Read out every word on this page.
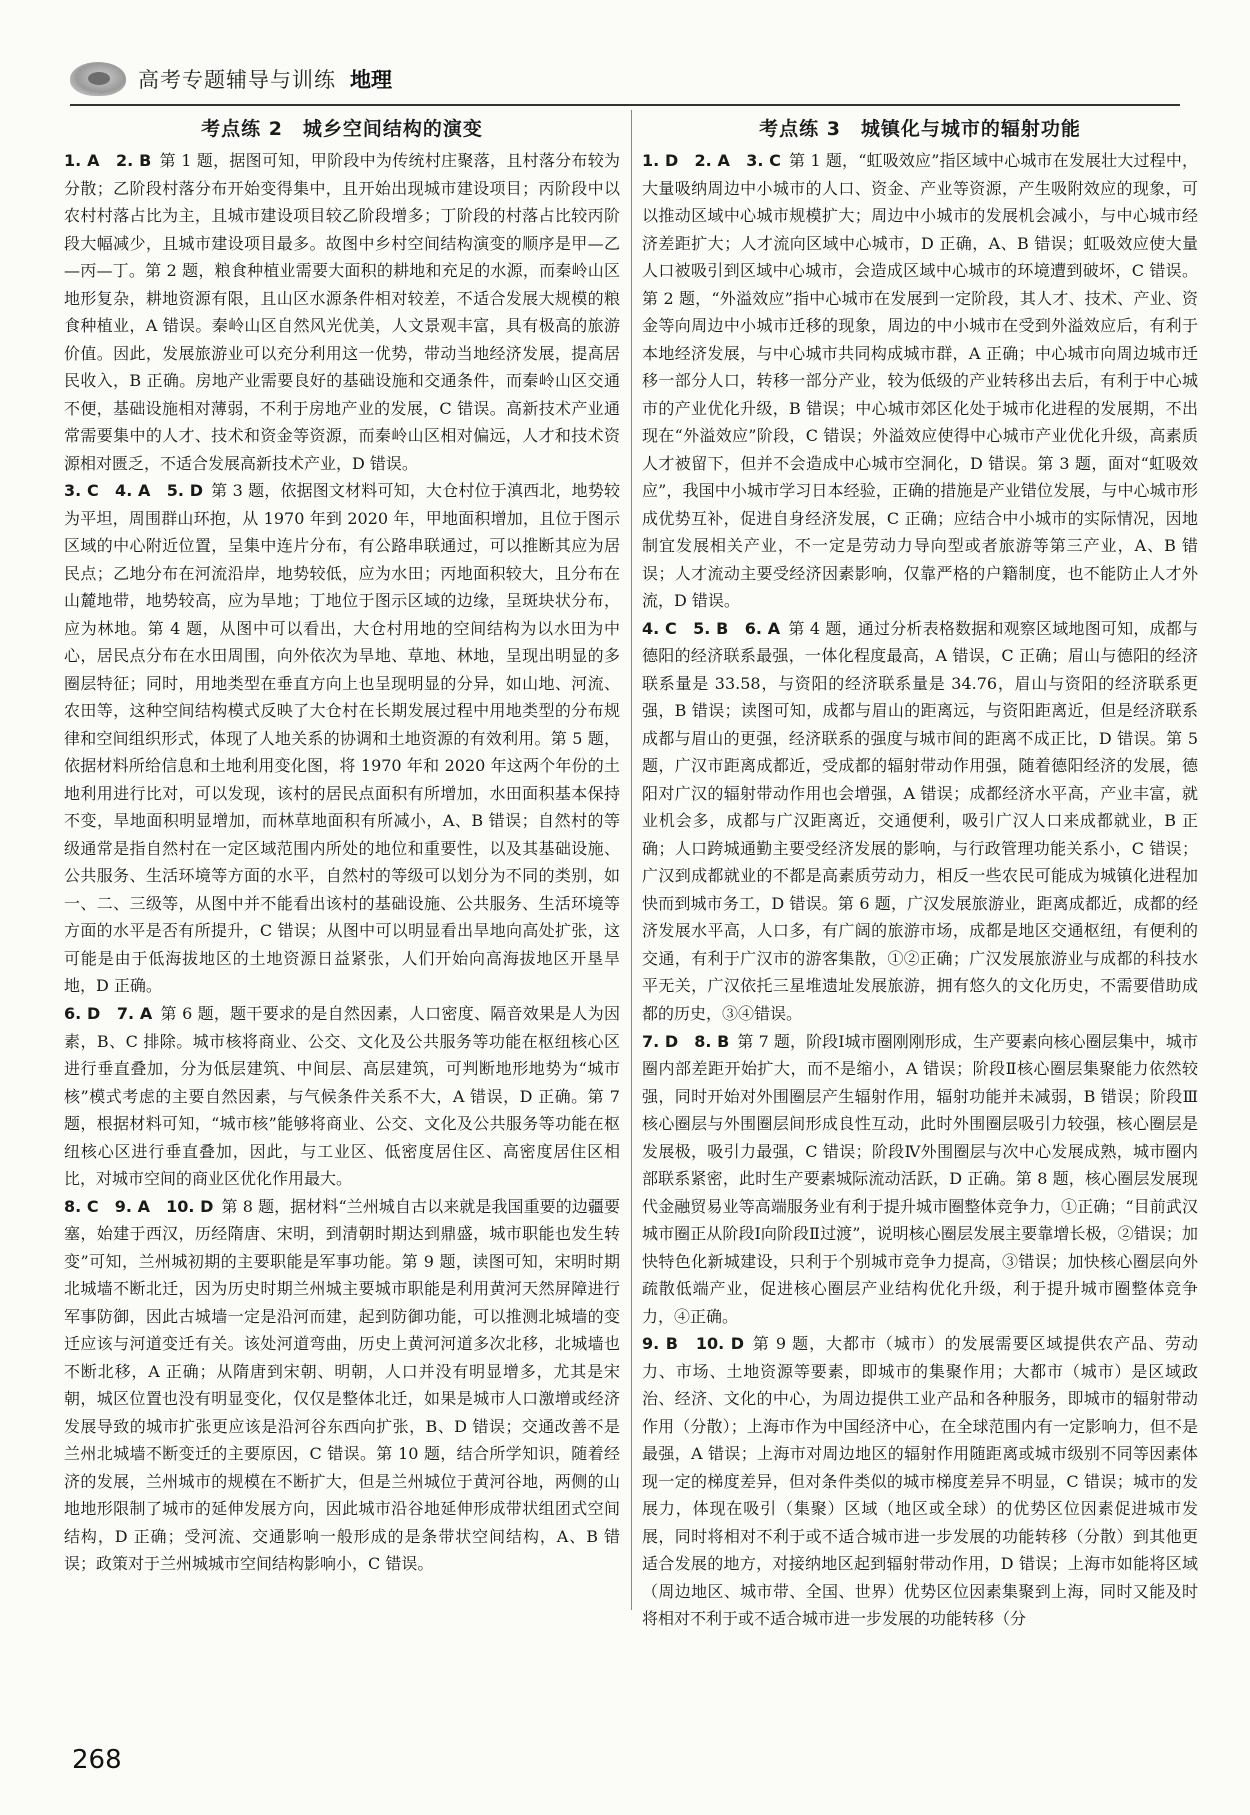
高考专题辅导与训练 地理
考点练 2　城乡空间结构的演变

1. A　2. B 第 1 题，据图可知，甲阶段中为传统村庄聚落，且村落分布较为分散；乙阶段村落分布开始变得集中，且开始出现城市建设项目；丙阶段中以农村村落占比为主，且城市建设项目较乙阶段增多；丁阶段的村落占比较丙阶段大幅减少，且城市建设项目最多。故图中乡村空间结构演变的顺序是甲—乙—丙—丁。第 2 题，粮食种植业需要大面积的耕地和充足的水源，而秦岭山区地形复杂，耕地资源有限，且山区水源条件相对较差，不适合发展大规模的粮食种植业，A 错误。秦岭山区自然风光优美，人文景观丰富，具有极高的旅游价值。因此，发展旅游业可以充分利用这一优势，带动当地经济发展，提高居民收入，B 正确。房地产业需要良好的基础设施和交通条件，而秦岭山区交通不便，基础设施相对薄弱，不利于房地产业的发展，C 错误。高新技术产业通常需要集中的人才、技术和资金等资源，而秦岭山区相对偏远，人才和技术资源相对匮乏，不适合发展高新技术产业，D 错误。

3. C　4. A　5. D 第 3 题，依据图文材料可知，大仓村位于滇西北，地势较为平坦，周围群山环抱，从 1970 年到 2020 年，甲地面积增加，且位于图示区域的中心附近位置，呈集中连片分布，有公路串联通过，可以推断其应为居民点；乙地分布在河流沿岸，地势较低，应为水田；丙地面积较大，且分布在山麓地带，地势较高，应为旱地；丁地位于图示区域的边缘，呈斑块状分布，应为林地。第 4 题，从图中可以看出，大仓村用地的空间结构为以水田为中心，居民点分布在水田周围，向外依次为旱地、草地、林地，呈现出明显的多圈层特征；同时，用地类型在垂直方向上也呈现明显的分异，如山地、河流、农田等，这种空间结构模式反映了大仓村在长期发展过程中用地类型的分布规律和空间组织形式，体现了人地关系的协调和土地资源的有效利用。第 5 题，依据材料所给信息和土地利用变化图，将 1970 年和 2020 年这两个年份的土地利用进行比对，可以发现，该村的居民点面积有所增加，水田面积基本保持不变，旱地面积明显增加，而林草地面积有所减小，A、B 错误；自然村的等级通常是指自然村在一定区域范围内所处的地位和重要性，以及其基础设施、公共服务、生活环境等方面的水平，自然村的等级可以划分为不同的类别，如一、二、三级等，从图中并不能看出该村的基础设施、公共服务、生活环境等方面的水平是否有所提升，C 错误；从图中可以明显看出旱地向高处扩张，这可能是由于低海拔地区的土地资源日益紧张，人们开始向高海拔地区开垦旱地，D 正确。

6. D　7. A 第 6 题，题干要求的是自然因素，人口密度、隔音效果是人为因素，B、C 排除。城市核将商业、公交、文化及公共服务等功能在枢纽核心区进行垂直叠加，分为低层建筑、中间层、高层建筑，可判断地形地势为“城市核”模式考虑的主要自然因素，与气候条件关系不大，A 错误，D 正确。第 7 题，根据材料可知，“城市核”能够将商业、公交、文化及公共服务等功能在枢纽核心区进行垂直叠加，因此，与工业区、低密度居住区、高密度居住区相比，对城市空间的商业区优化作用最大。

8. C　9. A　10. D 第 8 题，据材料“兰州城自古以来就是我国重要的边疆要塞，始建于西汉，历经隋唐、宋明，到清朝时期达到鼎盛，城市职能也发生转变”可知，兰州城初期的主要职能是军事功能。第 9 题，读图可知，宋明时期北城墙不断北迁，因为历史时期兰州城主要城市职能是利用黄河天然屏障进行军事防御，因此古城墙一定是沿河而建，起到防御功能，可以推测北城墙的变迁应该与河道变迁有关。该处河道弯曲，历史上黄河河道多次北移，北城墙也不断北移，A 正确；从隋唐到宋朝、明朝，人口并没有明显增多，尤其是宋朝，城区位置也没有明显变化，仅仅是整体北迁，如果是城市人口激增或经济发展导致的城市扩张更应该是沿河谷东西向扩张，B、D 错误；交通改善不是兰州北城墙不断变迁的主要原因，C 错误。第 10 题，结合所学知识，随着经济的发展，兰州城市的规模在不断扩大，但是兰州城位于黄河谷地，两侧的山地地形限制了城市的延伸发展方向，因此城市沿谷地延伸形成带状组团式空间结构，D 正确；受河流、交通影响一般形成的是条带状空间结构，A、B 错误；政策对于兰州城城市空间结构影响小，C 错误。

考点练 3　城镇化与城市的辐射功能

1. D　2. A　3. C 第 1 题，“虹吸效应”指区域中心城市在发展壮大过程中，大量吸纳周边中小城市的人口、资金、产业等资源，产生吸附效应的现象，可以推动区域中心城市规模扩大；周边中小城市的发展机会减小，与中心城市经济差距扩大；人才流向区域中心城市，D 正确，A、B 错误；虹吸效应使大量人口被吸引到区域中心城市，会造成区域中心城市的环境遭到破坏，C 错误。第 2 题，“外溢效应”指中心城市在发展到一定阶段，其人才、技术、产业、资金等向周边中小城市迁移的现象，周边的中小城市在受到外溢效应后，有利于本地经济发展，与中心城市共同构成城市群，A 正确；中心城市向周边城市迁移一部分人口，转移一部分产业，较为低级的产业转移出去后，有利于中心城市的产业优化升级，B 错误；中心城市郊区化处于城市化进程的发展期，不出现在“外溢效应”阶段，C 错误；外溢效应使得中心城市产业优化升级，高素质人才被留下，但并不会造成中心城市空洞化，D 错误。第 3 题，面对“虹吸效应”，我国中小城市学习日本经验，正确的措施是产业错位发展，与中心城市形成优势互补，促进自身经济发展，C 正确；应结合中小城市的实际情况，因地制宜发展相关产业，不一定是劳动力导向型或者旅游等第三产业，A、B 错误；人才流动主要受经济因素影响，仅靠严格的户籍制度，也不能防止人才外流，D 错误。

4. C　5. B　6. A 第 4 题，通过分析表格数据和观察区域地图可知，成都与德阳的经济联系最强，一体化程度最高，A 错误，C 正确；眉山与德阳的经济联系量是 33.58，与资阳的经济联系量是 34.76，眉山与资阳的经济联系更强，B 错误；读图可知，成都与眉山的距离远，与资阳距离近，但是经济联系成都与眉山的更强，经济联系的强度与城市间的距离不成正比，D 错误。第 5 题，广汉市距离成都近，受成都的辐射带动作用强，随着德阳经济的发展，德阳对广汉的辐射带动作用也会增强，A 错误；成都经济水平高，产业丰富，就业机会多，成都与广汉距离近，交通便利，吸引广汉人口来成都就业，B 正确；人口跨城通勤主要受经济发展的影响，与行政管理功能关系小，C 错误；广汉到成都就业的不都是高素质劳动力，相反一些农民可能成为城镇化进程加快而到城市务工，D 错误。第 6 题，广汉发展旅游业，距离成都近，成都的经济发展水平高，人口多，有广阔的旅游市场，成都是地区交通枢纽，有便利的交通，有利于广汉市的游客集散，①②正确；广汉发展旅游业与成都的科技水平无关，广汉依托三星堆遗址发展旅游，拥有悠久的文化历史，不需要借助成都的历史，③④错误。

7. D　8. B 第 7 题，阶段Ⅰ城市圈刚刚形成，生产要素向核心圈层集中，城市圈内部差距开始扩大，而不是缩小，A 错误；阶段Ⅱ核心圈层集聚能力依然较强，同时开始对外围圈层产生辐射作用，辐射功能并未减弱，B 错误；阶段Ⅲ核心圈层与外围圈层间形成良性互动，此时外围圈层吸引力较强，核心圈层是发展极，吸引力最强，C 错误；阶段Ⅳ外围圈层与次中心发展成熟，城市圈内部联系紧密，此时生产要素城际流动活跃，D 正确。第 8 题，核心圈层发展现代金融贸易业等高端服务业有利于提升城市圈整体竞争力，①正确；“目前武汉城市圈正从阶段Ⅰ向阶段Ⅱ过渡”，说明核心圈层发展主要靠增长极，②错误；加快特色化新城建设，只利于个别城市竞争力提高，③错误；加快核心圈层向外疏散低端产业，促进核心圈层产业结构优化升级，利于提升城市圈整体竞争力，④正确。

9. B　10. D 第 9 题，大都市（城市）的发展需要区域提供农产品、劳动力、市场、土地资源等要素，即城市的集聚作用；大都市（城市）是区域政治、经济、文化的中心，为周边提供工业产品和各种服务，即城市的辐射带动作用（分散）；上海市作为中国经济中心，在全球范围内有一定影响力，但不是最强，A 错误；上海市对周边地区的辐射作用随距离或城市级别不同等因素体现一定的梯度差异，但对条件类似的城市梯度差异不明显，C 错误；城市的发展力，体现在吸引（集聚）区域（地区或全球）的优势区位因素促进城市发展，同时将相对不利于或不适合城市进一步发展的功能转移（分散）到其他更适合发展的地方，对接纳地区起到辐射带动作用，D 错误；上海市如能将区域（周边地区、城市带、全国、世界）优势区位因素集聚到上海，同时又能及时将相对不利于或不适合城市进一步发展的功能转移（分

268
